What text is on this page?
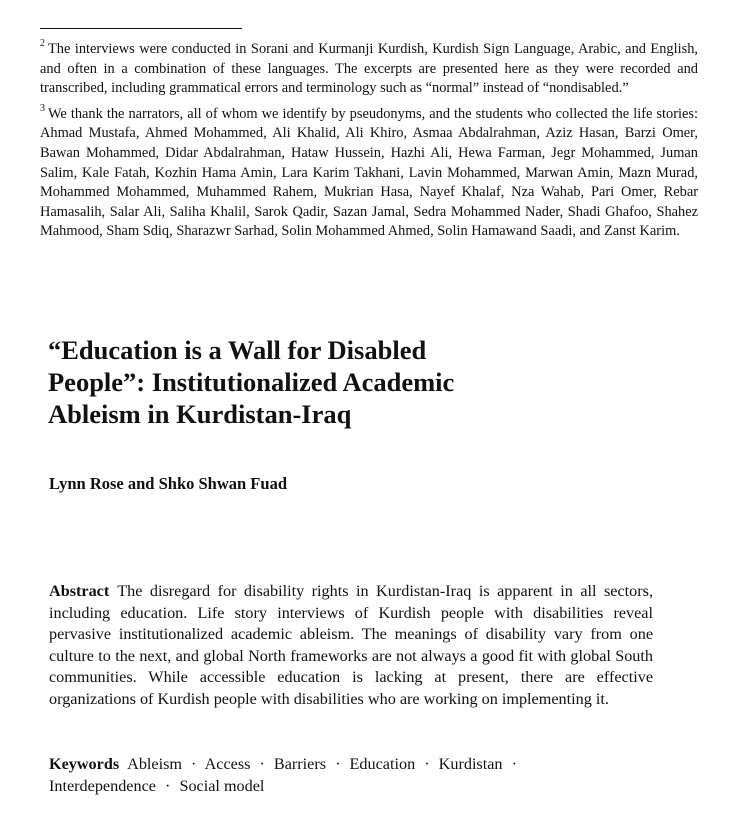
$^2$ The interviews were conducted in Sorani and Kurmanji Kurdish, Kurdish Sign Language, Arabic, and English, and often in a combination of these languages. The excerpts are presented here as they were recorded and transcribed, including grammatical errors and terminology such as “normal” instead of “nondisabled.”

$^3$ We thank the narrators, all of whom we identify by pseudonyms, and the students who collected the life stories: Ahmad Mustafa, Ahmed Mohammed, Ali Khalid, Ali Khiro, Asmaa Abdalrahman, Aziz Hasan, Barzi Omer, Bawan Mohammed, Didar Abdalrahman, Hataw Hussein, Hazhi Ali, Hewa Farman, Jegr Mohammed, Juman Salim, Kale Fatah, Kozhin Hama Amin, Lara Karim Takhani, Lavin Mohammed, Marwan Amin, Mazn Murad, Mohammed Mohammed, Muhammed Rahem, Mukrian Hasa, Nayef Khalaf, Nza Wahab, Pari Omer, Rebar Hamasalih, Salar Ali, Saliha Khalil, Sarok Qadir, Sazan Jamal, Sedra Mohammed Nader, Shadi Ghafoo, Shahez Mahmood, Sham Sdiq, Sharazwr Sarhad, Solin Mohammed Ahmed, Solin Hamawand Saadi, and Zanst Karim.

“Education is a Wall for Disabled
People”: Institutionalized Academic
Ableism in Kurdistan-Iraq

Lynn Rose and Shko Shwan Fuad

Abstract The disregard for disability rights in Kurdistan-Iraq is apparent in all sectors, including education. Life story interviews of Kurdish people with disabilities reveal pervasive institutionalized academic ableism. The meanings of disability vary from one culture to the next, and global North frameworks are not always a good fit with global South communities. While accessible education is lacking at present, there are effective organizations of Kurdish people with disabilities who are working on implementing it.

Keywords Ableism · Access · Barriers · Education · Kurdistan · Interdependence · Social model
